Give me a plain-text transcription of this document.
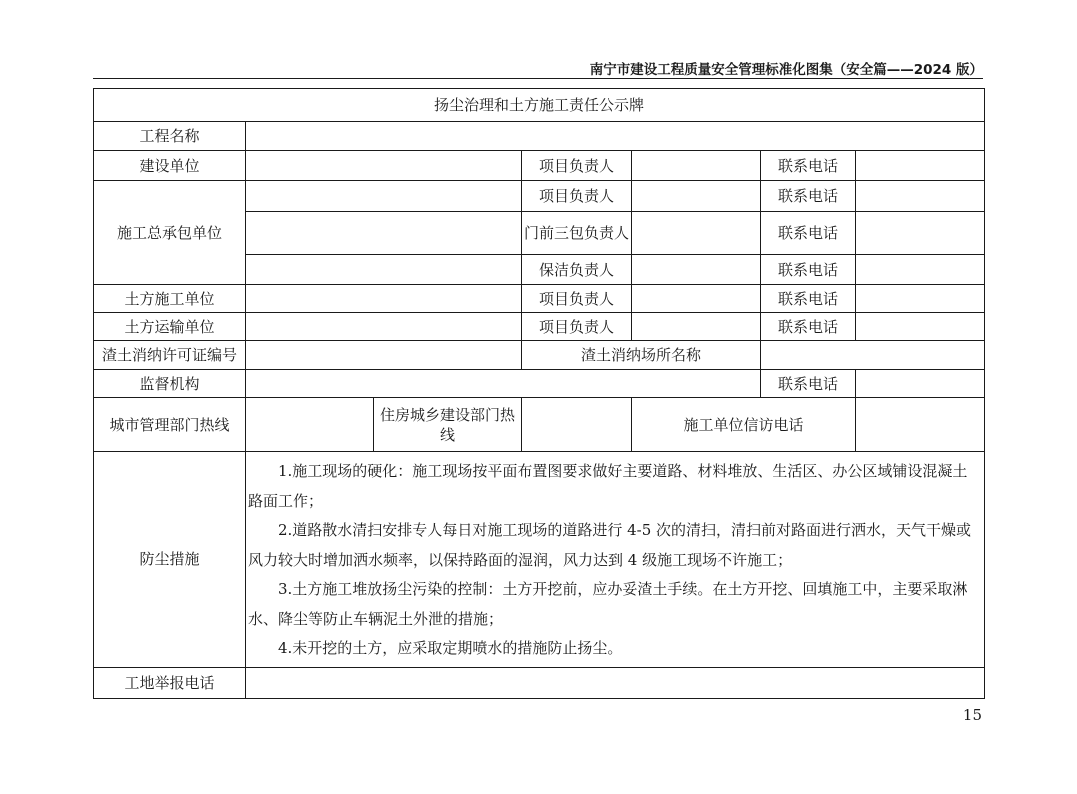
南宁市建设工程质量安全管理标准化图集（安全篇——2024 版）
扬尘治理和土方施工责任公示牌						
工程名称						
建设单位			项目负责人		联系电话	
施工总承包单位			项目负责人		联系电话	
			门前三包负责人		联系电话	
			保洁负责人		联系电话	
土方施工单位			项目负责人		联系电话	
土方运输单位			项目负责人		联系电话	
渣土消纳许可证编号			渣土消纳场所名称			
监督机构					联系电话	
城市管理部门热线		住房城乡建设部门热线		施工单位信访电话		
防尘措施	1.施工现场的硬化：施工现场按平面布置图要求做好主要道路、材料堆放、生活区、办公区域铺设混凝土路面工作；
2.道路散水清扫安排专人每日对施工现场的道路进行 4-5 次的清扫，清扫前对路面进行洒水，天气干燥或风力较大时增加洒水频率，以保持路面的湿润，风力达到 4 级施工现场不许施工；
3.土方施工堆放扬尘污染的控制：土方开挖前，应办妥渣土手续。在土方开挖、回填施工中，主要采取淋水、降尘等防止车辆泥土外泄的措施；
4.未开挖的土方，应采取定期喷水的措施防止扬尘。					

工地举报电话						
15
